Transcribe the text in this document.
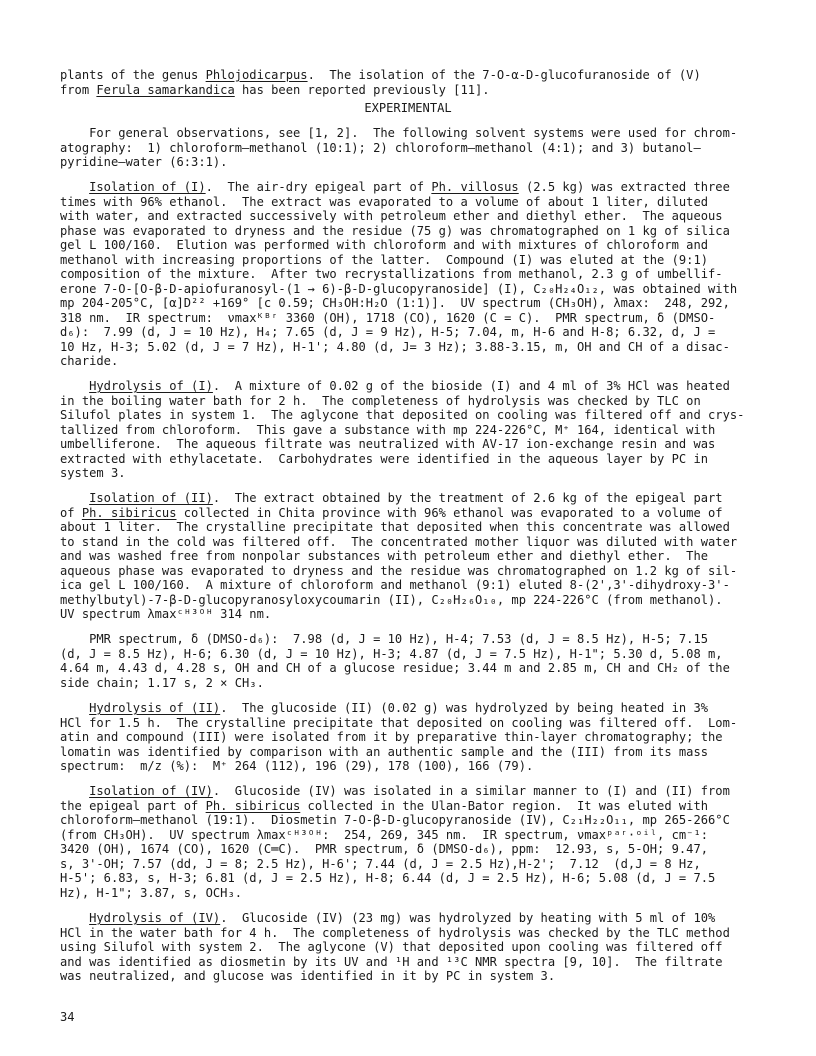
plants of the genus Phlojodicarpus.  The isolation of the 7-O-α-D-glucofuranoside of (V)
from Ferula samarkandica has been reported previously [11].
EXPERIMENTAL
For general observations, see [1, 2].  The following solvent systems were used for chrom-
atography:  1) chloroform—methanol (10:1); 2) chloroform—methanol (4:1); and 3) butanol—
pyridine—water (6:3:1).
Isolation of (I).  The air-dry epigeal part of Ph. villosus (2.5 kg) was extracted three
times with 96% ethanol.  The extract was evaporated to a volume of about 1 liter, diluted
with water, and extracted successively with petroleum ether and diethyl ether.  The aqueous
phase was evaporated to dryness and the residue (75 g) was chromatographed on 1 kg of silica
gel L 100/160.  Elution was performed with chloroform and with mixtures of chloroform and
methanol with increasing proportions of the latter.  Compound (I) was eluted at the (9:1)
composition of the mixture.  After two recrystallizations from methanol, 2.3 g of umbellif-
erone 7-O-[O-β-D-apiofuranosyl-(1 → 6)-β-D-glucopyranoside] (I), C₂₀H₂₄O₁₂, was obtained with
mp 204-205°C, [α]D²² +169° [c 0.59; CH₃OH:H₂O (1:1)].  UV spectrum (CH₃OH), λmax:  248, 292,
318 nm.  IR spectrum:  νmaxᴷᴮʳ 3360 (OH), 1718 (CO), 1620 (C = C).  PMR spectrum, δ (DMSO-
d₆):  7.99 (d, J = 10 Hz), H₄; 7.65 (d, J = 9 Hz), H-5; 7.04, m, H-6 and H-8; 6.32, d, J =
10 Hz, H-3; 5.02 (d, J = 7 Hz), H-1'; 4.80 (d, J= 3 Hz); 3.88-3.15, m, OH and CH of a disac-
charide.
Hydrolysis of (I).  A mixture of 0.02 g of the bioside (I) and 4 ml of 3% HCl was heated
in the boiling water bath for 2 h.  The completeness of hydrolysis was checked by TLC on
Silufol plates in system 1.  The aglycone that deposited on cooling was filtered off and crys-
tallized from chloroform.  This gave a substance with mp 224-226°C, M⁺ 164, identical with
umbelliferone.  The aqueous filtrate was neutralized with AV-17 ion-exchange resin and was
extracted with ethylacetate.  Carbohydrates were identified in the aqueous layer by PC in
system 3.
Isolation of (II).  The extract obtained by the treatment of 2.6 kg of the epigeal part
of Ph. sibiricus collected in Chita province with 96% ethanol was evaporated to a volume of
about 1 liter.  The crystalline precipitate that deposited when this concentrate was allowed
to stand in the cold was filtered off.  The concentrated mother liquor was diluted with water
and was washed free from nonpolar substances with petroleum ether and diethyl ether.  The
aqueous phase was evaporated to dryness and the residue was chromatographed on 1.2 kg of sil-
ica gel L 100/160.  A mixture of chloroform and methanol (9:1) eluted 8-(2',3'-dihydroxy-3'-
methylbutyl)-7-β-D-glucopyranosyloxycoumarin (II), C₂₀H₂₆O₁₀, mp 224-226°C (from methanol).
UV spectrum λmaxᶜᴴ³ᴼᴴ 314 nm.
PMR spectrum, δ (DMSO-d₆):  7.98 (d, J = 10 Hz), H-4; 7.53 (d, J = 8.5 Hz), H-5; 7.15
(d, J = 8.5 Hz), H-6; 6.30 (d, J = 10 Hz), H-3; 4.87 (d, J = 7.5 Hz), H-1"; 5.30 d, 5.08 m,
4.64 m, 4.43 d, 4.28 s, OH and CH of a glucose residue; 3.44 m and 2.85 m, CH and CH₂ of the
side chain; 1.17 s, 2 × CH₃.
Hydrolysis of (II).  The glucoside (II) (0.02 g) was hydrolyzed by being heated in 3%
HCl for 1.5 h.  The crystalline precipitate that deposited on cooling was filtered off.  Lom-
atin and compound (III) were isolated from it by preparative thin-layer chromatography; the
lomatin was identified by comparison with an authentic sample and the (III) from its mass
spectrum:  m/z (%):  M⁺ 264 (112), 196 (29), 178 (100), 166 (79).
Isolation of (IV).  Glucoside (IV) was isolated in a similar manner to (I) and (II) from
the epigeal part of Ph. sibiricus collected in the Ulan-Bator region.  It was eluted with
chloroform—methanol (19:1).  Diosmetin 7-O-β-D-glucopyranoside (IV), C₂₁H₂₂O₁₁, mp 265-266°C
(from CH₃OH).  UV spectrum λmaxᶜᴴ³ᴼᴴ:  254, 269, 345 nm.  IR spectrum, νmaxᵖᵃʳ·ᵒⁱˡ, cm⁻¹:
3420 (OH), 1674 (CO), 1620 (C═C).  PMR spectrum, δ (DMSO-d₆), ppm:  12.93, s, 5-OH; 9.47,
s, 3'-OH; 7.57 (dd, J = 8; 2.5 Hz), H-6'; 7.44 (d, J = 2.5 Hz),H-2';  7.12  (d,J = 8 Hz,
H-5'; 6.83, s, H-3; 6.81 (d, J = 2.5 Hz), H-8; 6.44 (d, J = 2.5 Hz), H-6; 5.08 (d, J = 7.5
Hz), H-1"; 3.87, s, OCH₃.
Hydrolysis of (IV).  Glucoside (IV) (23 mg) was hydrolyzed by heating with 5 ml of 10%
HCl in the water bath for 4 h.  The completeness of hydrolysis was checked by the TLC method
using Silufol with system 2.  The aglycone (V) that deposited upon cooling was filtered off
and was identified as diosmetin by its UV and ¹H and ¹³C NMR spectra [9, 10].  The filtrate
was neutralized, and glucose was identified in it by PC in system 3.
34
